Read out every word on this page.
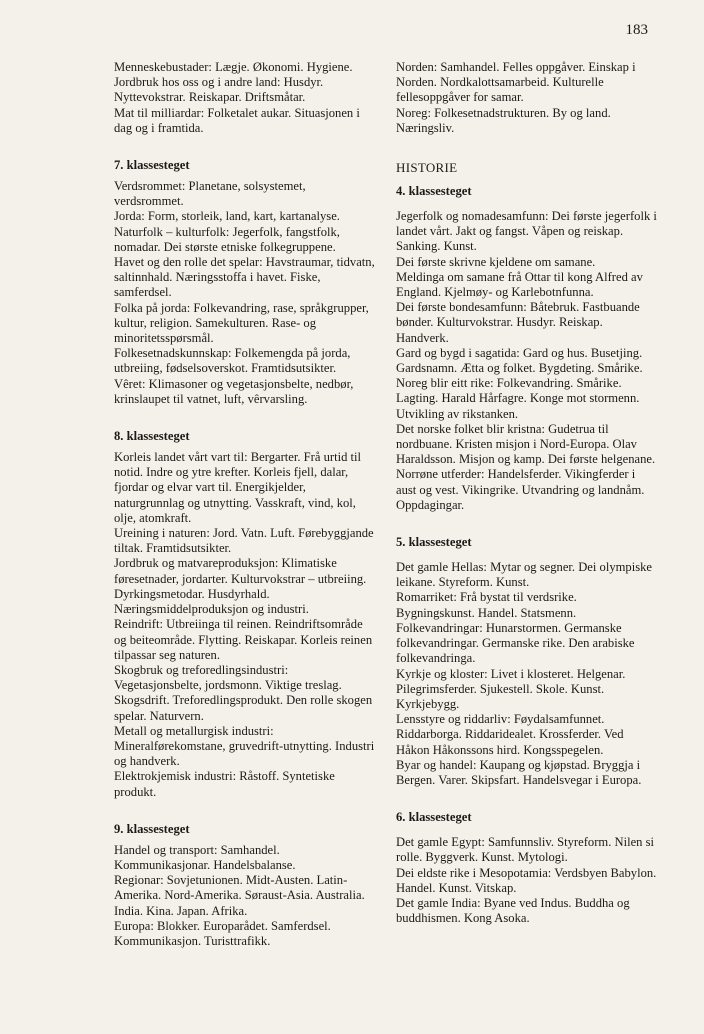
183

Menneskebustader: Lægje. Økonomi. Hygiene.

Jordbruk hos oss og i andre land: Husdyr. Nyttevokstrar. Reiskapar. Driftsmåtar.

Mat til milliardar: Folketalet aukar. Situasjonen i dag og i framtida.

7. klassesteget

Verdsrommet: Planetane, solsystemet, verdsrommet.

Jorda: Form, storleik, land, kart, kartanalyse.

Naturfolk – kulturfolk: Jegerfolk, fangstfolk, nomadar. Dei største etniske folkegruppene.

Havet og den rolle det spelar: Havstraumar, tidvatn, saltinnhald. Næringsstoffa i havet. Fiske, samferdsel.

Folka på jorda: Folkevandring, rase, språkgrupper, kultur, religion. Samekulturen. Rase- og minoritetsspørsmål.

Folkesetnadskunnskap: Folkemengda på jorda, utbreiing, fødselsoverskot. Framtidsutsikter.

Vêret: Klimasoner og vegetasjonsbelte, nedbør, krinslaupet til vatnet, luft, vêrvarsling.

8. klassesteget

Korleis landet vårt vart til: Bergarter. Frå urtid til notid. Indre og ytre krefter. Korleis fjell, dalar, fjordar og elvar vart til. Energikjelder, naturgrunnlag og utnytting. Vasskraft, vind, kol, olje, atomkraft.

Ureining i naturen: Jord. Vatn. Luft. Førebyggjande tiltak. Framtidsutsikter.

Jordbruk og matvareproduksjon: Klimatiske føresetnader, jordarter. Kulturvokstrar – utbreiing. Dyrkingsmetodar. Husdyrhald. Næringsmiddelproduksjon og industri.

Reindrift: Utbreiinga til reinen. Reindriftsområde og beiteområde. Flytting. Reiskapar. Korleis reinen tilpassar seg naturen.

Skogbruk og treforedlingsindustri: Vegetasjonsbelte, jordsmonn. Viktige treslag. Skogsdrift. Treforedlingsprodukt. Den rolle skogen spelar. Naturvern.

Metall og metallurgisk industri: Mineralførekomstane, gruvedrift-utnytting. Industri og handverk.

Elektrokjemisk industri: Råstoff. Syntetiske produkt.

9. klassesteget

Handel og transport: Samhandel. Kommunikasjonar. Handelsbalanse.

Regionar: Sovjetunionen. Midt-Austen. Latin-Amerika. Nord-Amerika. Søraust-Asia. Australia. India. Kina. Japan. Afrika.

Europa: Blokker. Europarådet. Samferdsel. Kommunikasjon. Turisttrafikk.

Norden: Samhandel. Felles oppgåver. Einskap i Norden. Nordkalottsamarbeid. Kulturelle fellesoppgåver for samar.

Noreg: Folkesetnadstrukturen. By og land. Næringsliv.

HISTORIE
4. klassesteget

Jegerfolk og nomadesamfunn: Dei første jegerfolk i landet vårt. Jakt og fangst. Våpen og reiskap. Sanking. Kunst.

Dei første skrivne kjeldene om samane.

Meldinga om samane frå Ottar til kong Alfred av England. Kjelmøy- og Karlebotnfunna.

Dei første bondesamfunn: Båtebruk. Fastbuande bønder. Kulturvokstrar. Husdyr. Reiskap. Handverk.

Gard og bygd i sagatida: Gard og hus. Busetjing. Gardsnamn. Ætta og folket. Bygdeting. Smårike.

Noreg blir eitt rike: Folkevandring. Smårike. Lagting. Harald Hårfagre. Konge mot stormenn. Utvikling av rikstanken.

Det norske folket blir kristna: Gudetrua til nordbuane. Kristen misjon i Nord-Europa. Olav Haraldsson. Misjon og kamp. Dei første helgenane.

Norrøne utferder: Handelsferder. Vikingferder i aust og vest. Vikingrike. Utvandring og landnåm. Oppdagingar.

5. klassesteget

Det gamle Hellas: Mytar og segner. Dei olympiske leikane. Styreform. Kunst.

Romarriket: Frå bystat til verdsrike. Bygningskunst. Handel. Statsmenn.

Folkevandringar: Hunarstormen. Germanske folkevandringar. Germanske rike. Den arabiske folkevandringa.

Kyrkje og kloster: Livet i klosteret. Helgenar. Pilegrimsferder. Sjukestell. Skole. Kunst. Kyrkjebygg.

Lensstyre og riddarliv: Føydalsamfunnet. Riddarborga. Riddaridealet. Krossferder. Ved Håkon Håkonssons hird. Kongsspegelen.

Byar og handel: Kaupang og kjøpstad. Bryggja i Bergen. Varer. Skipsfart. Handelsvegar i Europa.

6. klassesteget

Det gamle Egypt: Samfunnsliv. Styreform. Nilen si rolle. Byggverk. Kunst. Mytologi.

Dei eldste rike i Mesopotamia: Verdsbyen Babylon. Handel. Kunst. Vitskap.

Det gamle India: Byane ved Indus. Buddha og buddhismen. Kong Asoka.
